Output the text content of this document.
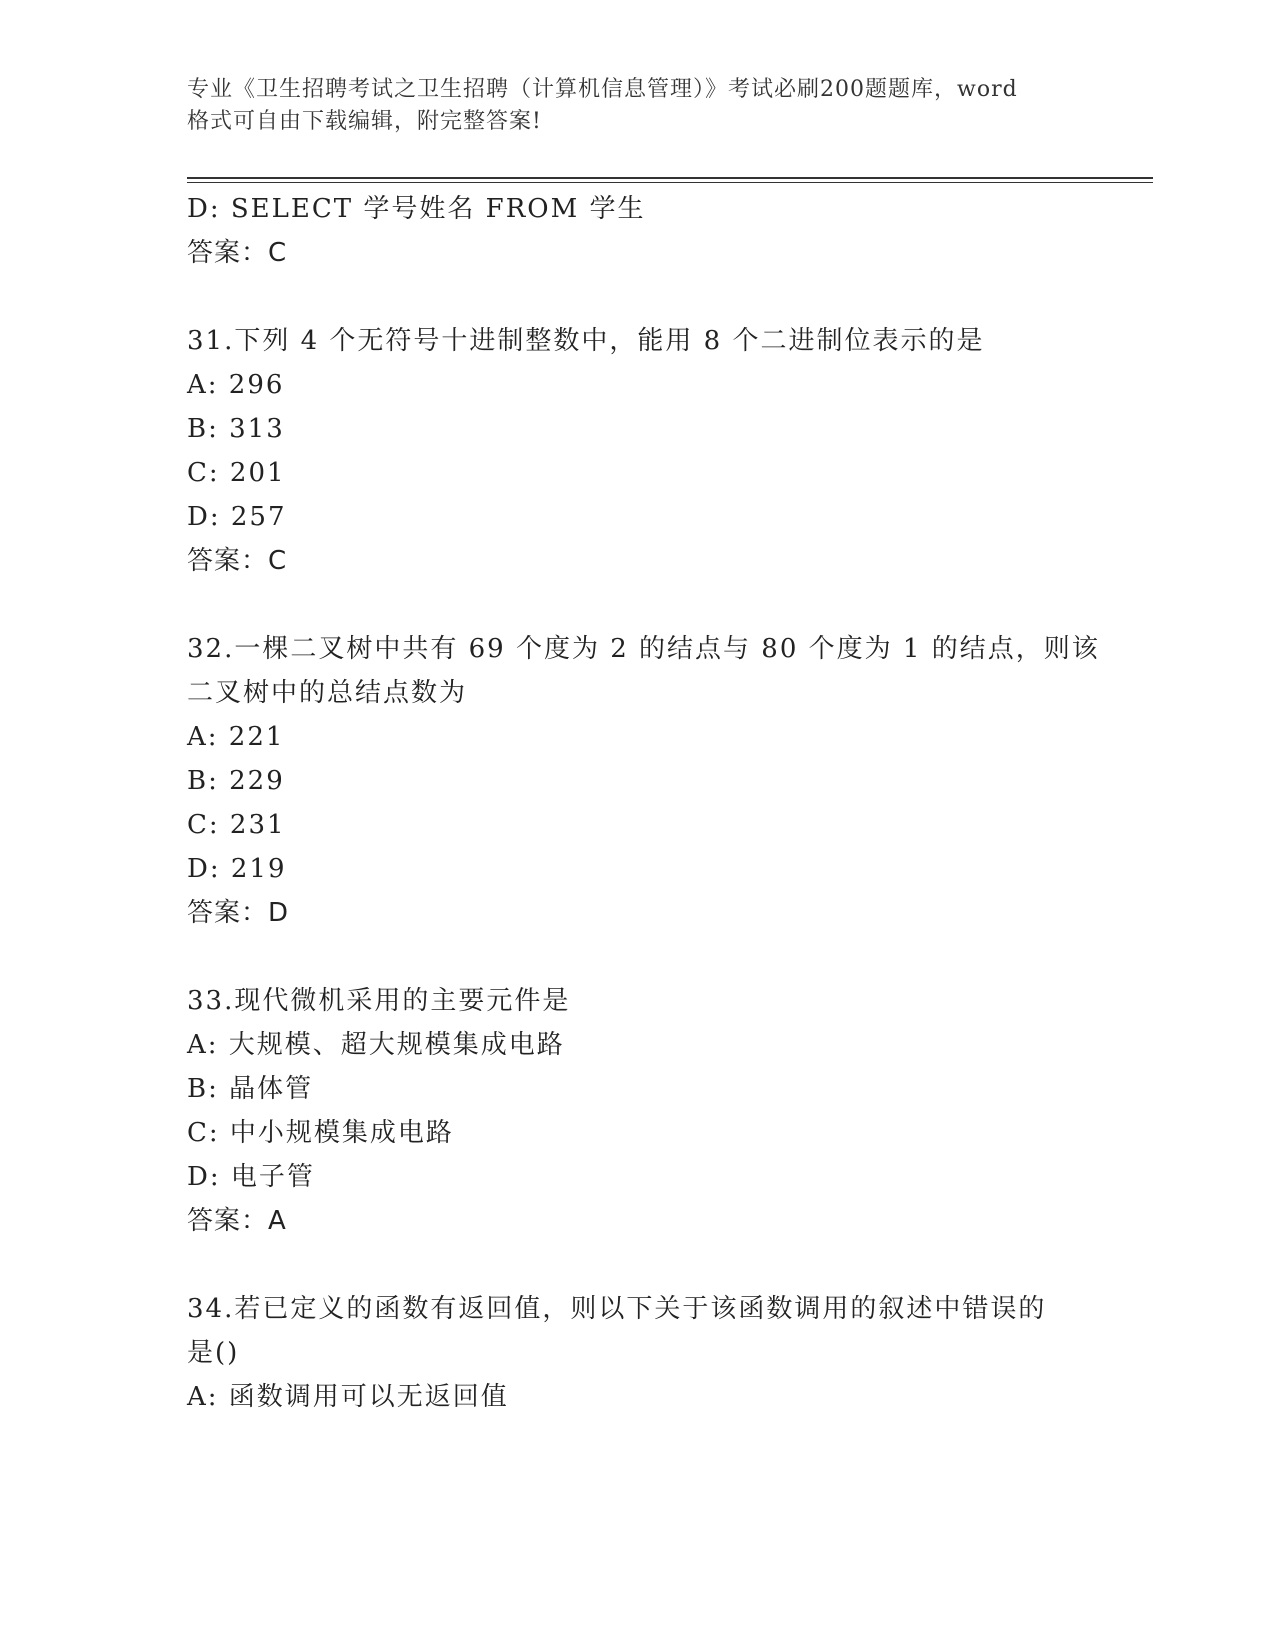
专业《卫生招聘考试之卫生招聘（计算机信息管理）》考试必刷200题题库，word
格式可自由下载编辑，附完整答案!
D: SELECT 学号姓名 FROM 学生
答案：C
31.下列 4 个无符号十进制整数中，能用 8 个二进制位表示的是
A: 296
B: 313
C: 201
D: 257
答案：C
32.一棵二叉树中共有 69 个度为 2 的结点与 80 个度为 1 的结点，则该
二叉树中的总结点数为
A: 221
B: 229
C: 231
D: 219
答案：D
33.现代微机采用的主要元件是
A: 大规模、超大规模集成电路
B: 晶体管
C: 中小规模集成电路
D: 电子管
答案：A
34.若已定义的函数有返回值，则以下关于该函数调用的叙述中错误的
是()
A: 函数调用可以无返回值
